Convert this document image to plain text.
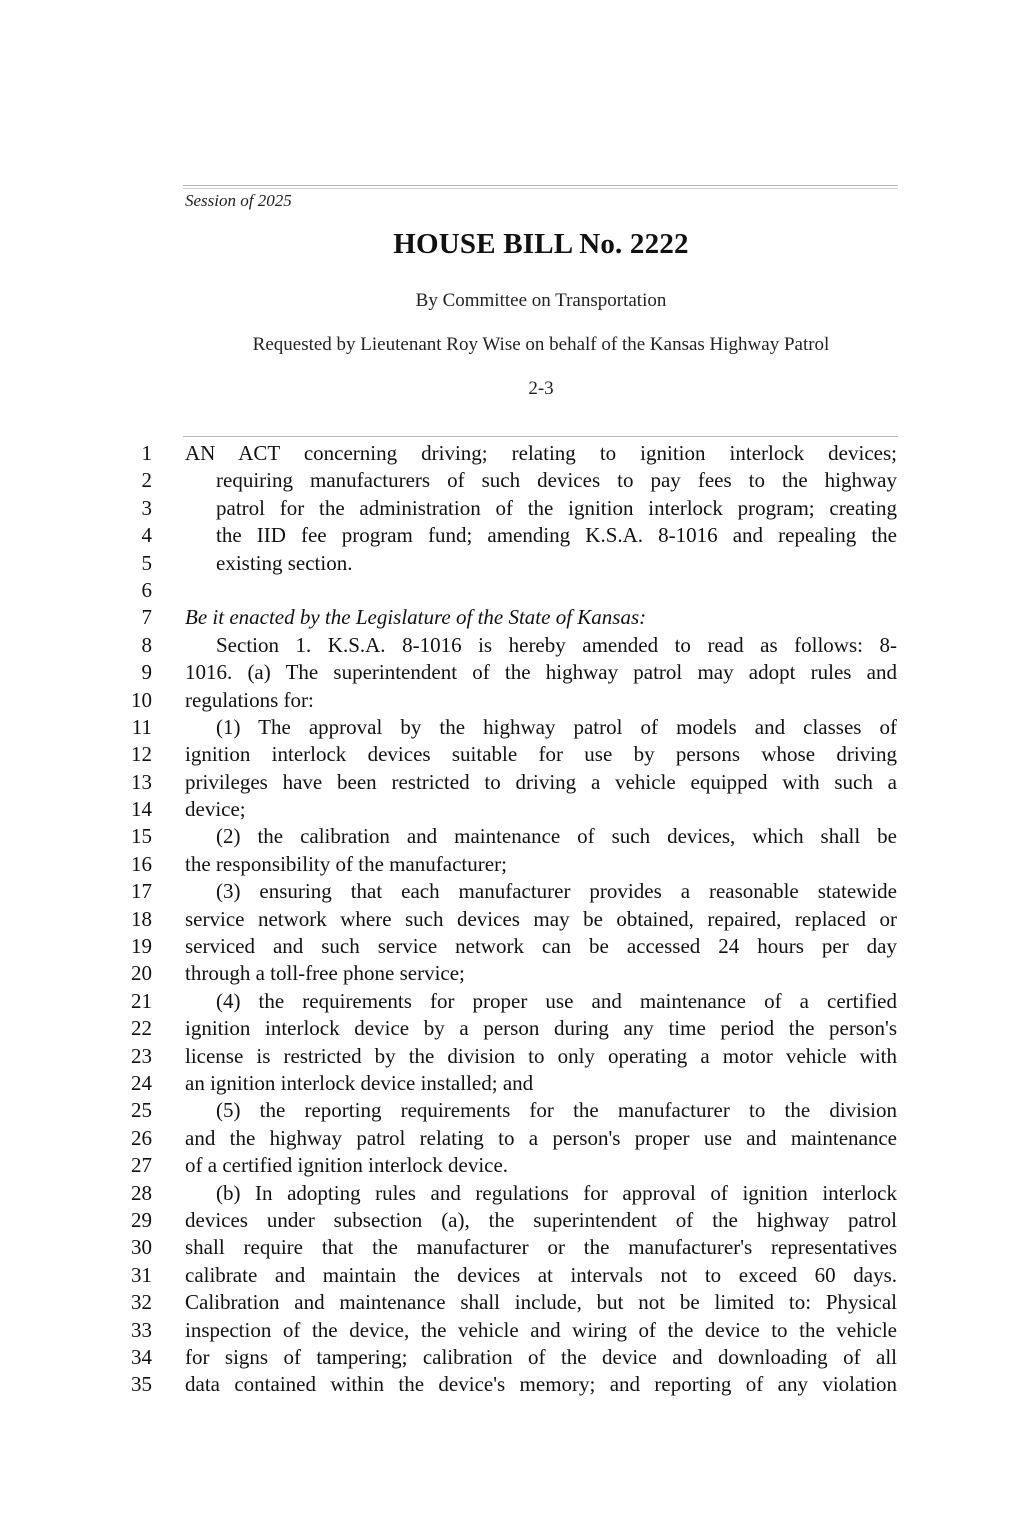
Session of 2025
HOUSE BILL No. 2222
By Committee on Transportation
Requested by Lieutenant Roy Wise on behalf of the Kansas Highway Patrol
2-3
1
2
3
4
5
6
7
8
9
10
11
12
13
14
15
16
17
18
19
20
21
22
23
24
25
26
27
28
29
30
31
32
33
34
35
AN ACT concerning driving; relating to ignition interlock devices;
requiring manufacturers of such devices to pay fees to the highway
patrol for the administration of the ignition interlock program; creating
the IID fee program fund; amending K.S.A. 8-1016 and repealing the
existing section.
Be it enacted by the Legislature of the State of Kansas:
Section 1. K.S.A. 8-1016 is hereby amended to read as follows: 8-
1016. (a) The superintendent of the highway patrol may adopt rules and
regulations for:
(1) The approval by the highway patrol of models and classes of
ignition interlock devices suitable for use by persons whose driving
privileges have been restricted to driving a vehicle equipped with such a
device;
(2) the calibration and maintenance of such devices, which shall be
the responsibility of the manufacturer;
(3) ensuring that each manufacturer provides a reasonable statewide
service network where such devices may be obtained, repaired, replaced or
serviced and such service network can be accessed 24 hours per day
through a toll-free phone service;
(4) the requirements for proper use and maintenance of a certified
ignition interlock device by a person during any time period the person's
license is restricted by the division to only operating a motor vehicle with
an ignition interlock device installed; and
(5) the reporting requirements for the manufacturer to the division
and the highway patrol relating to a person's proper use and maintenance
of a certified ignition interlock device.
(b) In adopting rules and regulations for approval of ignition interlock
devices under subsection (a), the superintendent of the highway patrol
shall require that the manufacturer or the manufacturer's representatives
calibrate and maintain the devices at intervals not to exceed 60 days.
Calibration and maintenance shall include, but not be limited to: Physical
inspection of the device, the vehicle and wiring of the device to the vehicle
for signs of tampering; calibration of the device and downloading of all
data contained within the device's memory; and reporting of any violation
